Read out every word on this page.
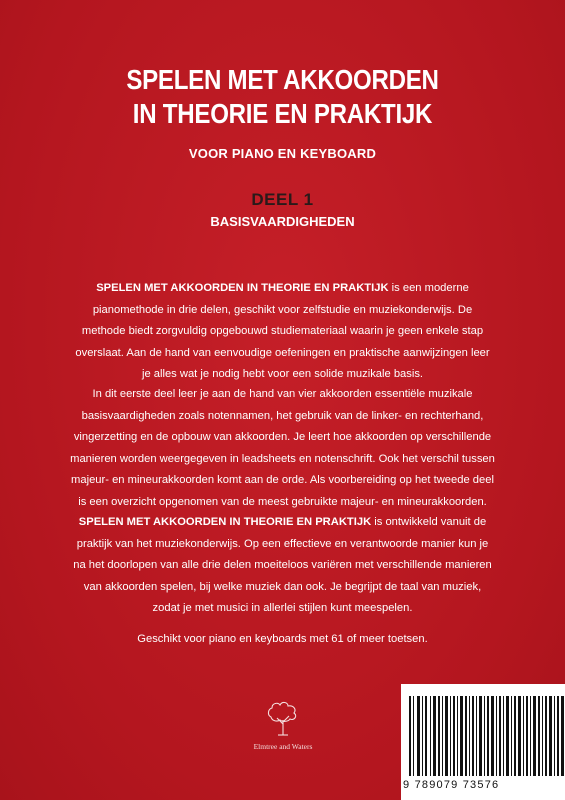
SPELEN MET AKKOORDEN
IN THEORIE EN PRAKTIJK
VOOR PIANO EN KEYBOARD
DEEL 1
BASISVAARDIGHEDEN
SPELEN MET AKKOORDEN IN THEORIE EN PRAKTIJK is een moderne pianomethode in drie delen, geschikt voor zelfstudie en muziekonderwijs. De methode biedt zorgvuldig opgebouwd studiemateriaal waarin je geen enkele stap overslaat. Aan de hand van eenvoudige oefeningen en praktische aanwijzingen leer je alles wat je nodig hebt voor een solide muzikale basis.
In dit eerste deel leer je aan de hand van vier akkoorden essentiële muzikale basisvaardigheden zoals notennamen, het gebruik van de linker- en rechterhand, vingerzetting en de opbouw van akkoorden. Je leert hoe akkoorden op verschillende manieren worden weergegeven in leadsheets en notenschrift. Ook het verschil tussen majeur- en mineurakkoorden komt aan de orde. Als voorbereiding op het tweede deel is een overzicht opgenomen van de meest gebruikte majeur- en mineurakkoorden.
SPELEN MET AKKOORDEN IN THEORIE EN PRAKTIJK is ontwikkeld vanuit de praktijk van het muziekonderwijs. Op een effectieve en verantwoorde manier kun je na het doorlopen van alle drie delen moeiteloos variëren met verschillende manieren van akkoorden spelen, bij welke muziek dan ook. Je begrijpt de taal van muziek, zodat je met musici in allerlei stijlen kunt meespelen.
Geschikt voor piano en keyboards met 61 of meer toetsen.
Elmtree and Waters
9 789079 73576
